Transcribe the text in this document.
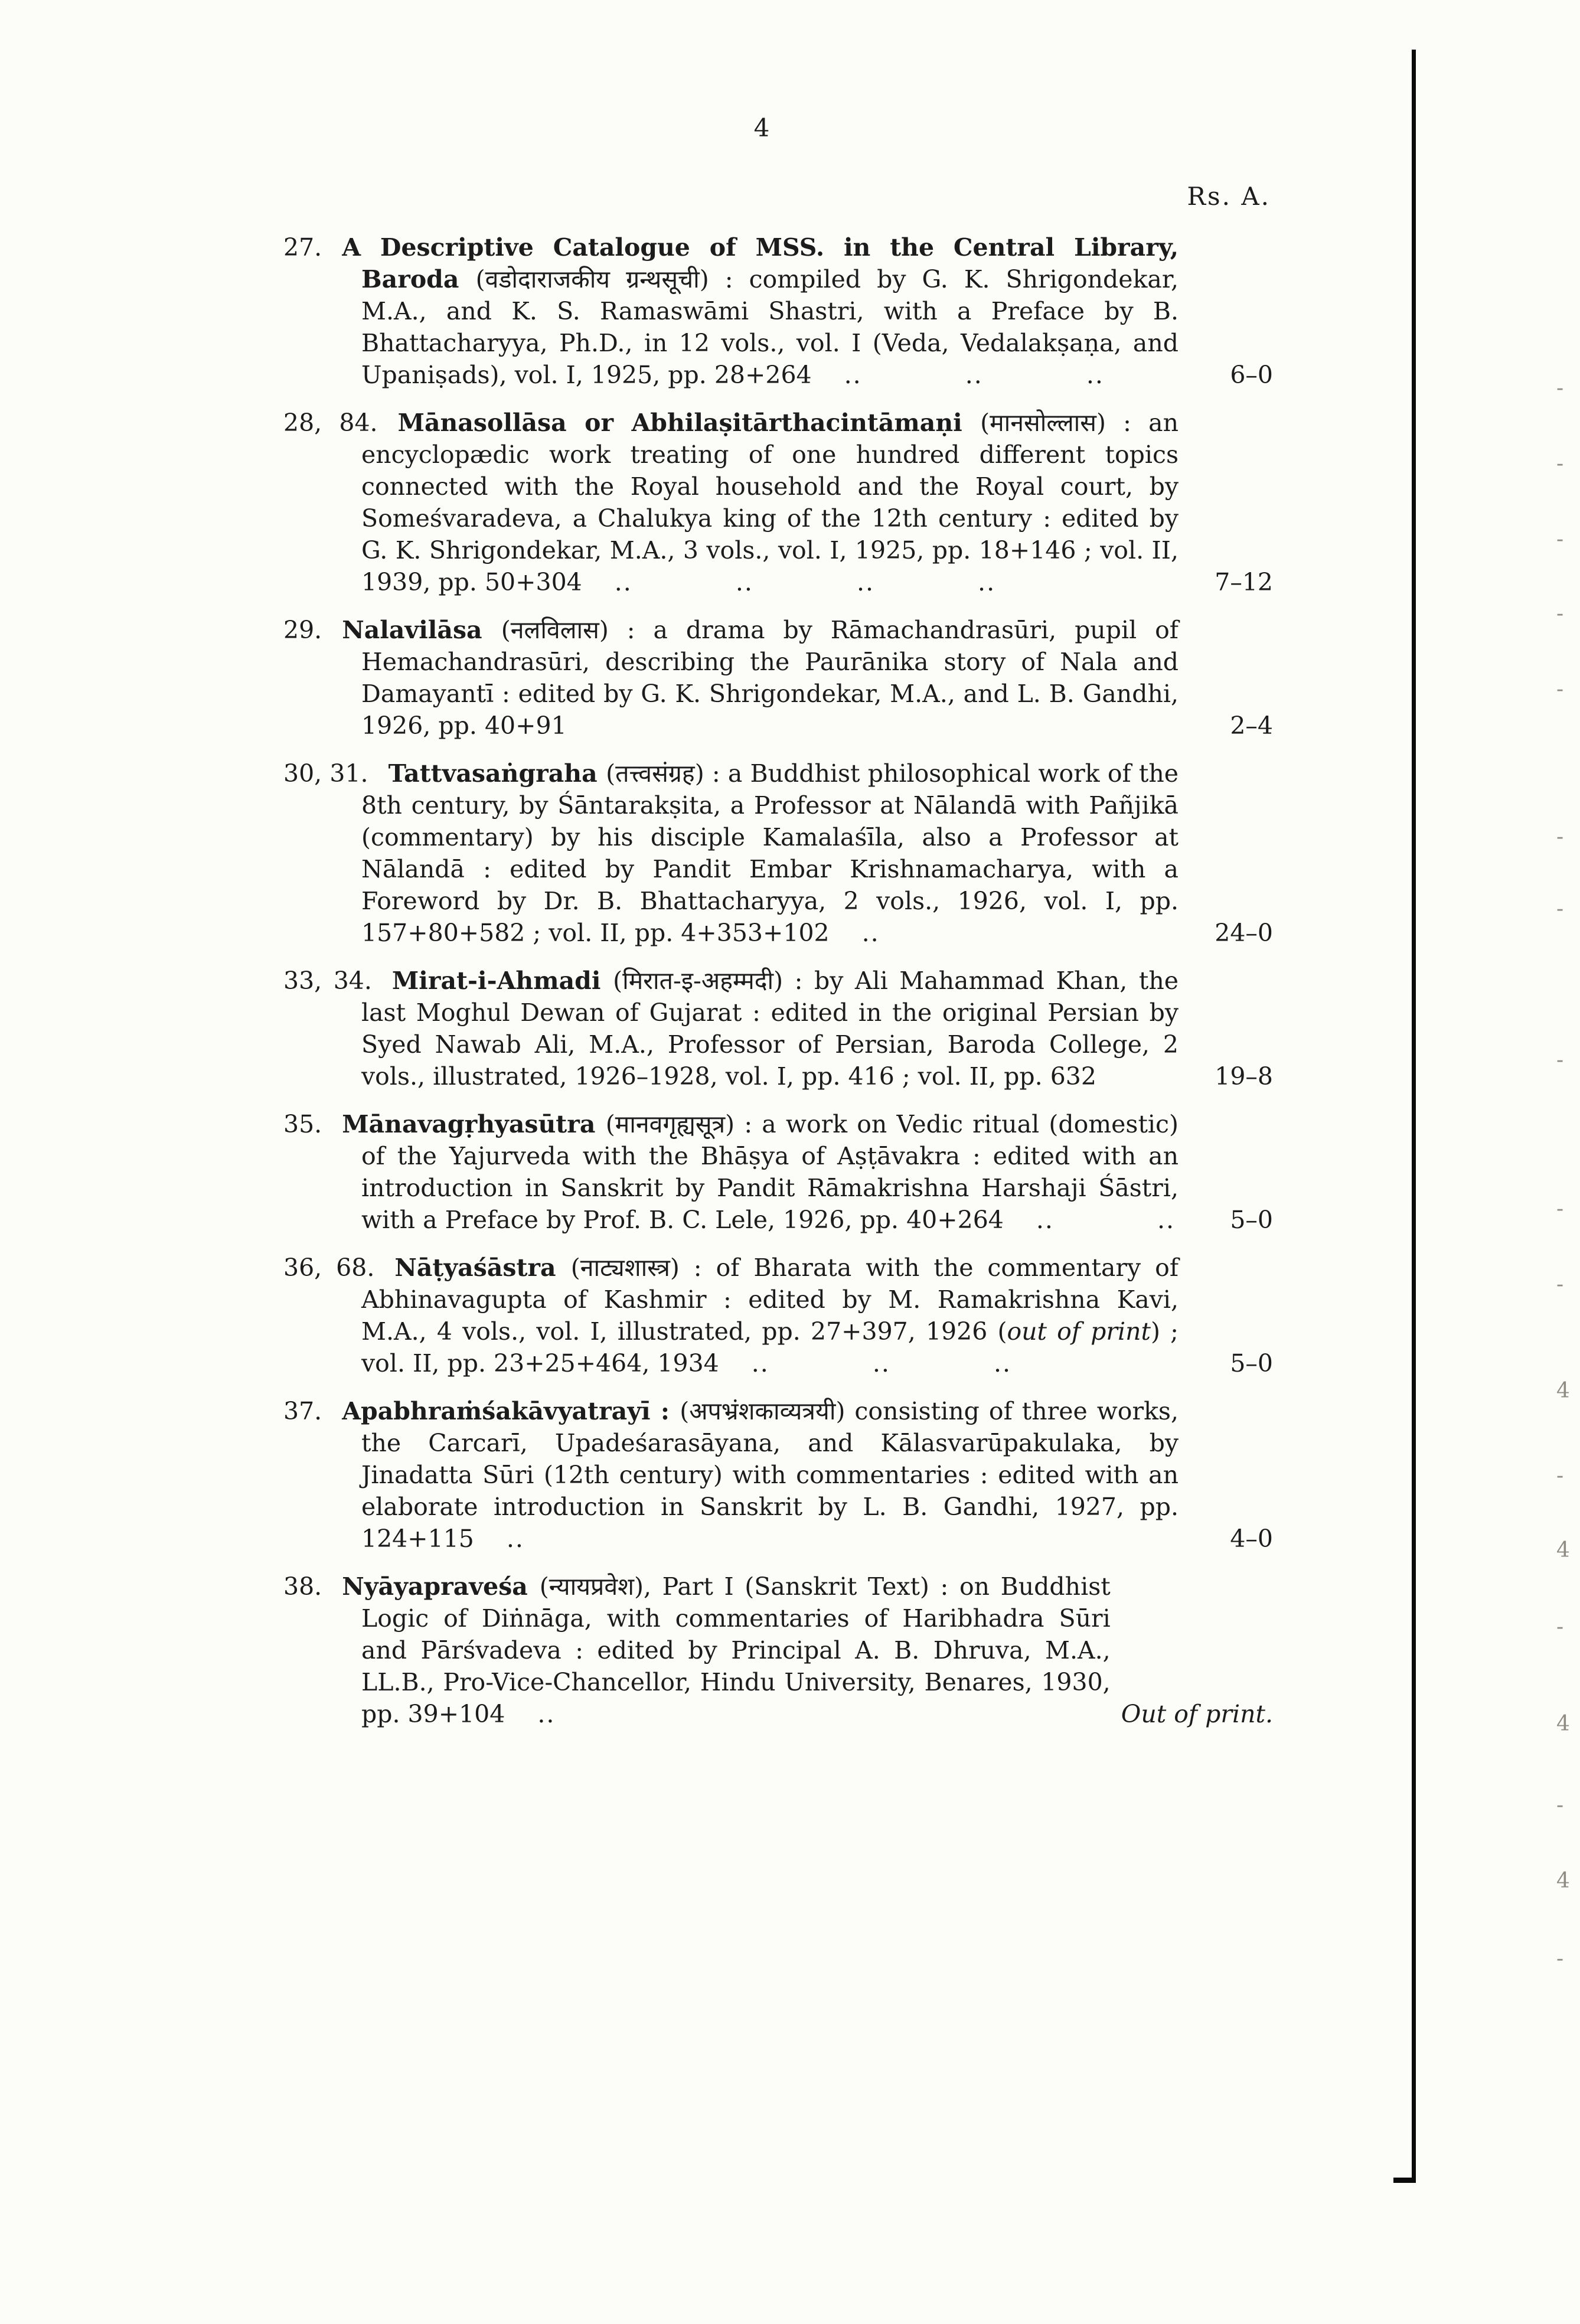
4
Rs. A.
27. A Descriptive Catalogue of MSS. in the Central Library, Baroda (वडोदाराजकीय ग्रन्थसूची) : compiled by G. K. Shrigondekar, M.A., and K. S. Ramaswāmi Shastri, with a Preface by B. Bhattacharyya, Ph.D., in 12 vols., vol. I (Veda, Vedalakṣaṇa, and Upaniṣads), vol. I, 1925, pp. 28+264 .. .. ..	6–0
28, 84. Mānasollāsa or Abhilaṣitārthacintāmaṇi (मानसोल्लास) : an encyclopædic work treating of one hundred different topics connected with the Royal household and the Royal court, by Someśvaradeva, a Chalukya king of the 12th century : edited by G. K. Shrigondekar, M.A., 3 vols., vol. I, 1925, pp. 18+146 ; vol. II, 1939, pp. 50+304 .. .. .. ..	7–12
29. Nalavilāsa (नलविलास) : a drama by Rāmachandrasūri, pupil of Hemachandrasūri, describing the Paurānika story of Nala and Damayantī : edited by G. K. Shrigondekar, M.A., and L. B. Gandhi, 1926, pp. 40+91	2–4
30, 31. Tattvasaṅgraha (तत्त्वसंग्रह) : a Buddhist philosophical work of the 8th century, by Śāntarakṣita, a Professor at Nālandā with Pañjikā (commentary) by his disciple Kamalaśīla, also a Professor at Nālandā : edited by Pandit Embar Krishnamacharya, with a Foreword by Dr. B. Bhattacharyya, 2 vols., 1926, vol. I, pp. 157+80+582 ; vol. II, pp. 4+353+102 ..	24–0
33, 34. Mirat-i-Ahmadi (मिरात-इ-अहम्मदी) : by Ali Mahammad Khan, the last Moghul Dewan of Gujarat : edited in the original Persian by Syed Nawab Ali, M.A., Professor of Persian, Baroda College, 2 vols., illustrated, 1926–1928, vol. I, pp. 416 ; vol. II, pp. 632	19–8
35. Mānavagṛhyasūtra (मानवगृह्यसूत्र) : a work on Vedic ritual (domestic) of the Yajurveda with the Bhāṣya of Aṣṭāvakra : edited with an introduction in Sanskrit by Pandit Rāmakrishna Harshaji Śāstri, with a Preface by Prof. B. C. Lele, 1926, pp. 40+264 .. ..	5–0
36, 68. Nāṭyaśāstra (नाट्यशास्त्र) : of Bharata with the commentary of Abhinavagupta of Kashmir : edited by M. Ramakrishna Kavi, M.A., 4 vols., vol. I, illustrated, pp. 27+397, 1926 (out of print) ; vol. II, pp. 23+25+464, 1934 .. .. ..	5–0
37. Apabhraṁśakāvyatrayī : (अपभ्रंशकाव्यत्रयी) consisting of three works, the Carcarī, Upadeśarasāyana, and Kālasvarūpakulaka, by Jinadatta Sūri (12th century) with commentaries : edited with an elaborate introduction in Sanskrit by L. B. Gandhi, 1927, pp. 124+115 ..	4–0
38. Nyāyapraveśa (न्यायप्रवेश), Part I (Sanskrit Text) : on Buddhist Logic of Diṅnāga, with commentaries of Haribhadra Sūri and Pārśvadeva : edited by Principal A. B. Dhruva, M.A., LL.B., Pro-Vice-Chancellor, Hindu University, Benares, 1930, pp. 39+104 ..	Out of print.
-
-
-
-
-
-
-
-
-
-
4
-
4
-
4
-
4
-
